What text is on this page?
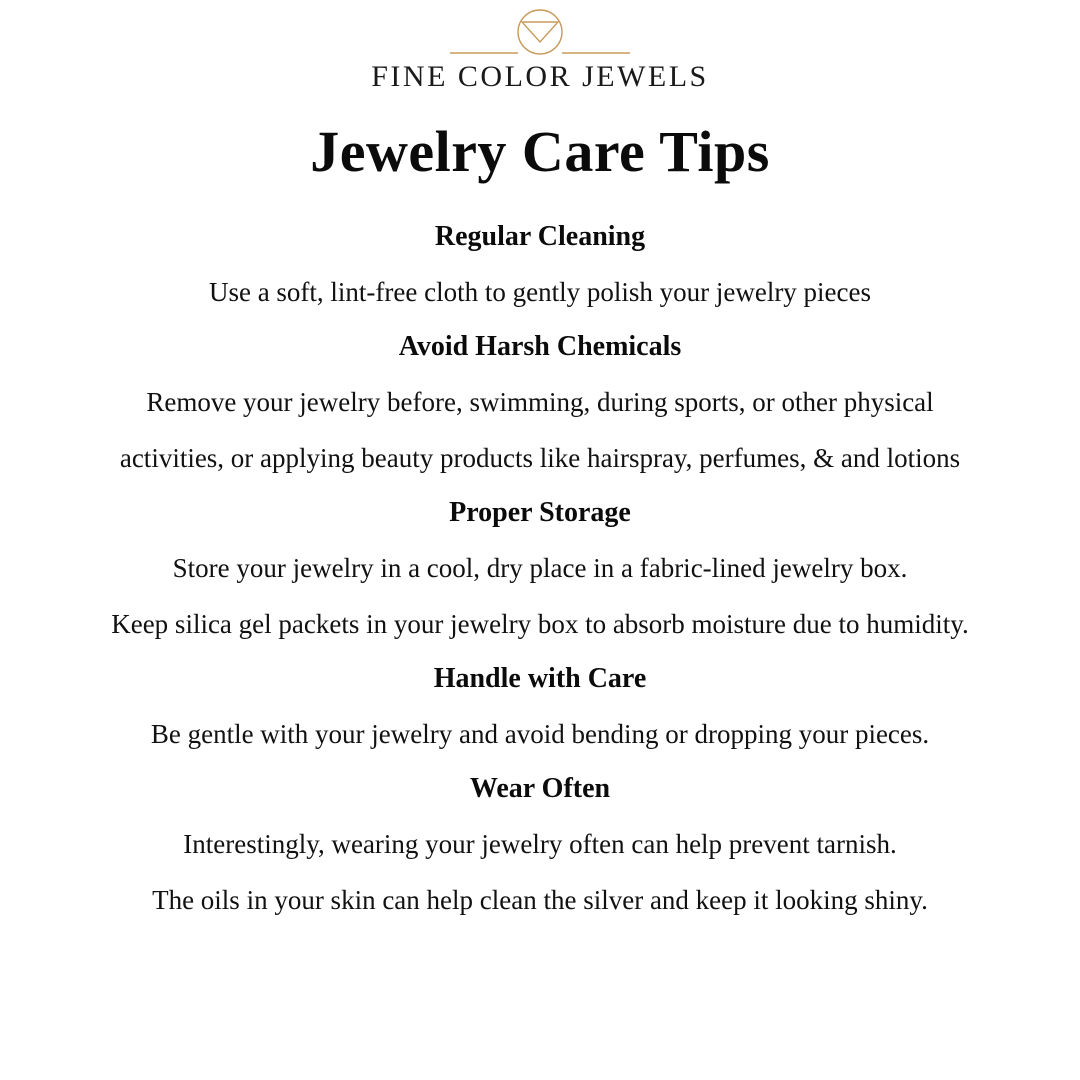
FINE COLOR JEWELS
Jewelry Care Tips
Regular Cleaning
Use a soft, lint-free cloth to gently polish your jewelry pieces
Avoid Harsh Chemicals
Remove your jewelry before, swimming, during sports, or other physical
activities, or applying beauty products like hairspray, perfumes, & and lotions
Proper Storage
Store your jewelry in a cool, dry place in a fabric-lined jewelry box.
Keep silica gel packets in your jewelry box to absorb moisture due to humidity.
Handle with Care
Be gentle with your jewelry and avoid bending or dropping your pieces.
Wear Often
Interestingly, wearing your jewelry often can help prevent tarnish.
The oils in your skin can help clean the silver and keep it looking shiny.
